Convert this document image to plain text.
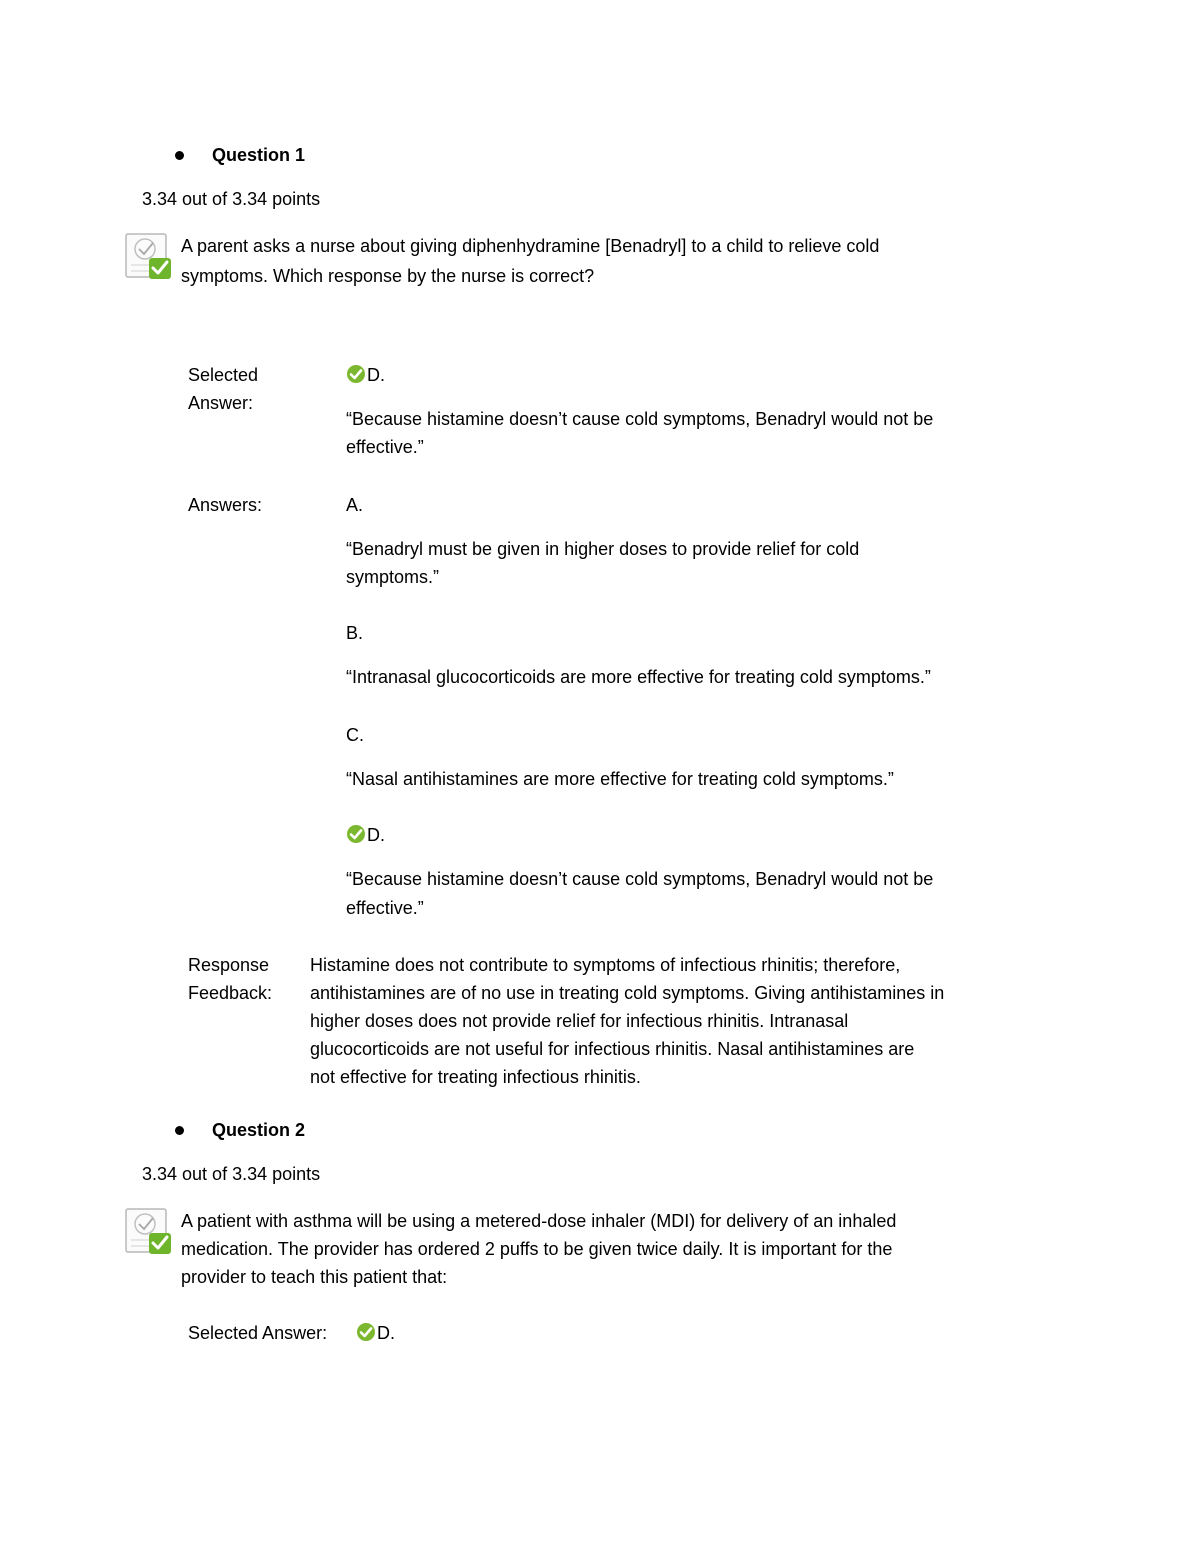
Question 1
3.34 out of 3.34 points
A parent asks a nurse about giving diphenhydramine [Benadryl] to a child to relieve cold
symptoms. Which response by the nurse is correct?
Selected
Answer:
D.
“Because histamine doesn’t cause cold symptoms, Benadryl would not be
effective.”
Answers:	A.
“Benadryl must be given in higher doses to provide relief for cold
symptoms.”
B.
“Intranasal glucocorticoids are more effective for treating cold symptoms.”
C.
“Nasal antihistamines are more effective for treating cold symptoms.”
D.
“Because histamine doesn’t cause cold symptoms, Benadryl would not be
effective.”
Response
Feedback:
Histamine does not contribute to symptoms of infectious rhinitis; therefore,
antihistamines are of no use in treating cold symptoms. Giving antihistamines in
higher doses does not provide relief for infectious rhinitis. Intranasal
glucocorticoids are not useful for infectious rhinitis. Nasal antihistamines are
not effective for treating infectious rhinitis.
Question 2
3.34 out of 3.34 points
A patient with asthma will be using a metered-dose inhaler (MDI) for delivery of an inhaled
medication. The provider has ordered 2 puffs to be given twice daily. It is important for the
provider to teach this patient that:
Selected Answer:	D.
